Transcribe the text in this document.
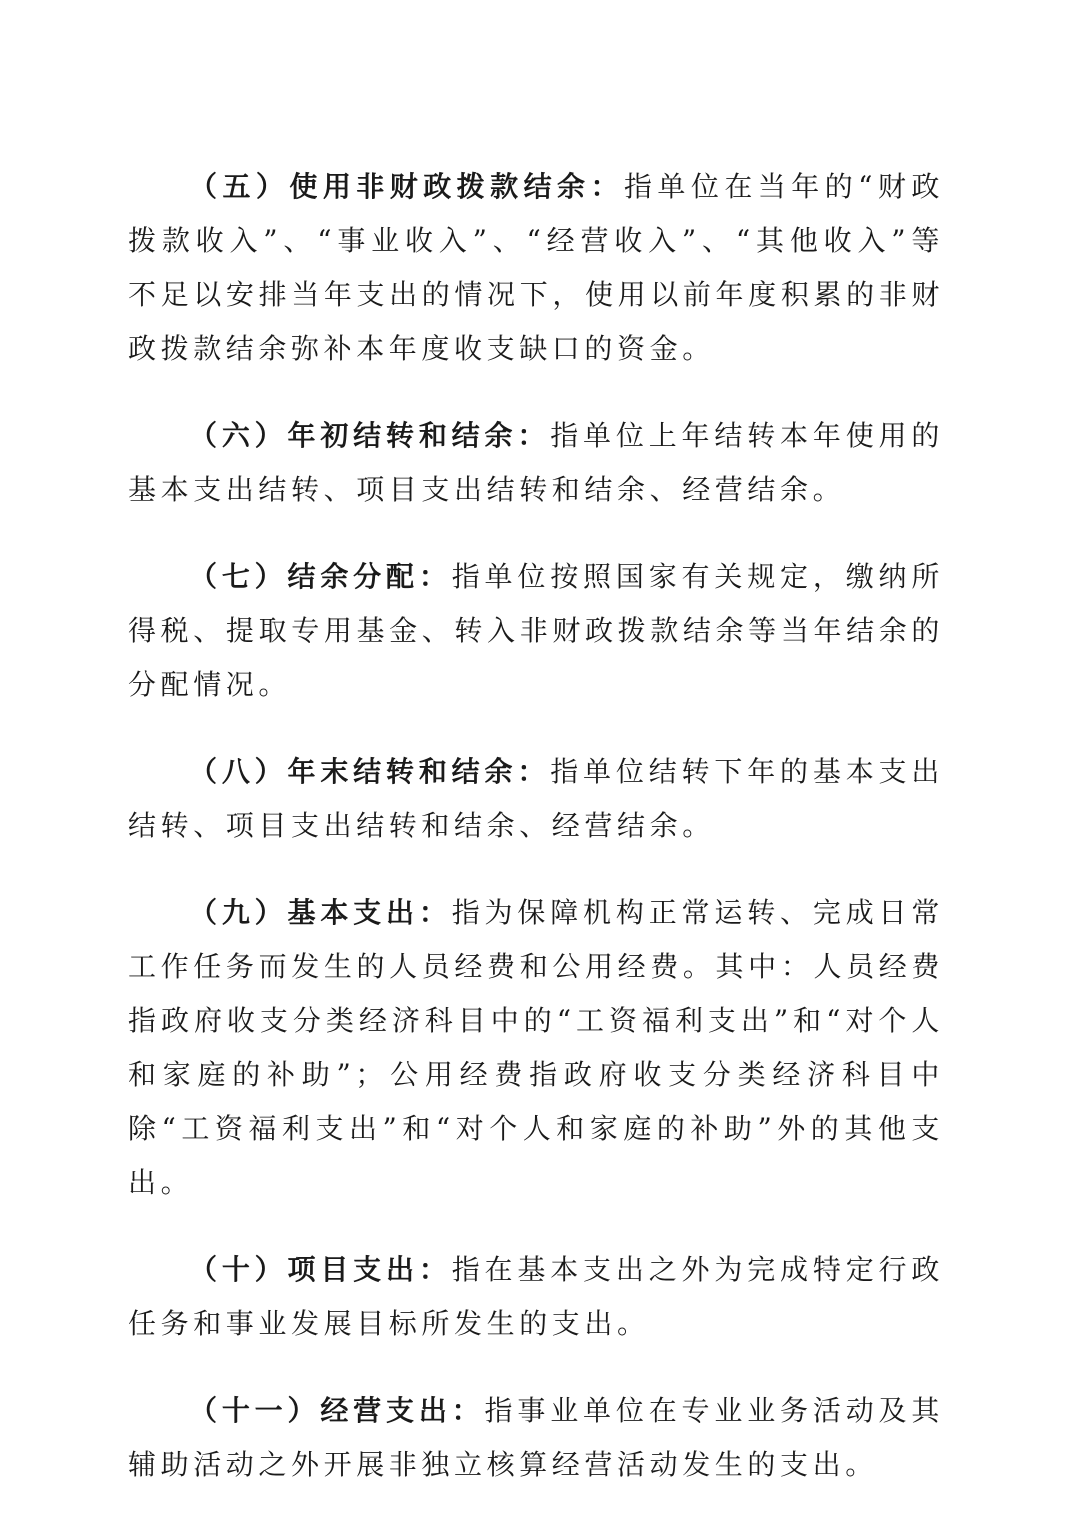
（五）使用非财政拨款结余：指单位在当年的“财政拨款收入”、“事业收入”、“经营收入”、“其他收入”等不足以安排当年支出的情况下，使用以前年度积累的非财政拨款结余弥补本年度收支缺口的资金。

（六）年初结转和结余：指单位上年结转本年使用的基本支出结转、项目支出结转和结余、经营结余。

（七）结余分配：指单位按照国家有关规定，缴纳所得税、提取专用基金、转入非财政拨款结余等当年结余的分配情况。

（八）年末结转和结余：指单位结转下年的基本支出结转、项目支出结转和结余、经营结余。

（九）基本支出：指为保障机构正常运转、完成日常工作任务而发生的人员经费和公用经费。其中：人员经费指政府收支分类经济科目中的“工资福利支出”和“对个人和家庭的补助”；公用经费指政府收支分类经济科目中除“工资福利支出”和“对个人和家庭的补助”外的其他支出。

（十）项目支出：指在基本支出之外为完成特定行政任务和事业发展目标所发生的支出。

（十一）经营支出：指事业单位在专业业务活动及其辅助活动之外开展非独立核算经营活动发生的支出。
